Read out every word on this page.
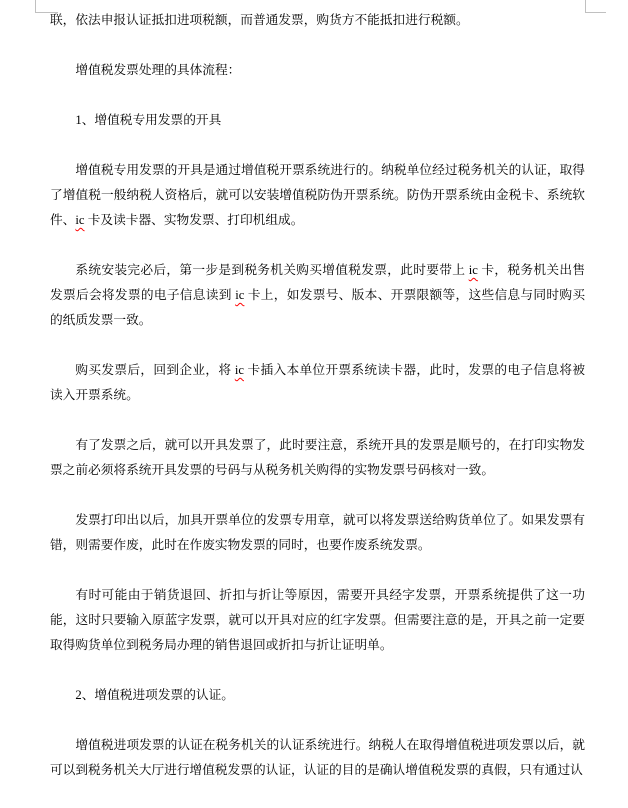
联，依法申报认证抵扣进项税额，而普通发票，购货方不能抵扣进行税额。

增值税发票处理的具体流程：

1、增值税专用发票的开具

增值税专用发票的开具是通过增值税开票系统进行的。纳税单位经过税务机关的认证，取得了增值税一般纳税人资格后，就可以安装增值税防伪开票系统。防伪开票系统由金税卡、系统软件、ic 卡及读卡器、实物发票、打印机组成。

系统安装完必后，第一步是到税务机关购买增值税发票，此时要带上 ic 卡，税务机关出售发票后会将发票的电子信息读到 ic 卡上，如发票号、版本、开票限额等，这些信息与同时购买的纸质发票一致。

购买发票后，回到企业，将 ic 卡插入本单位开票系统读卡器，此时，发票的电子信息将被读入开票系统。

有了发票之后，就可以开具发票了，此时要注意，系统开具的发票是顺号的，在打印实物发票之前必须将系统开具发票的号码与从税务机关购得的实物发票号码核对一致。

发票打印出以后，加具开票单位的发票专用章，就可以将发票送给购货单位了。如果发票有错，则需要作废，此时在作废实物发票的同时，也要作废系统发票。

有时可能由于销货退回、折扣与折让等原因，需要开具经字发票，开票系统提供了这一功能，这时只要输入原蓝字发票，就可以开具对应的红字发票。但需要注意的是，开具之前一定要取得购货单位到税务局办理的销售退回或折扣与折让证明单。

2、增值税进项发票的认证。

增值税进项发票的认证在税务机关的认证系统进行。纳税人在取得增值税进项发票以后，就可以到税务机关大厅进行增值税发票的认证，认证的目的是确认增值税发票的真假，只有通过认
